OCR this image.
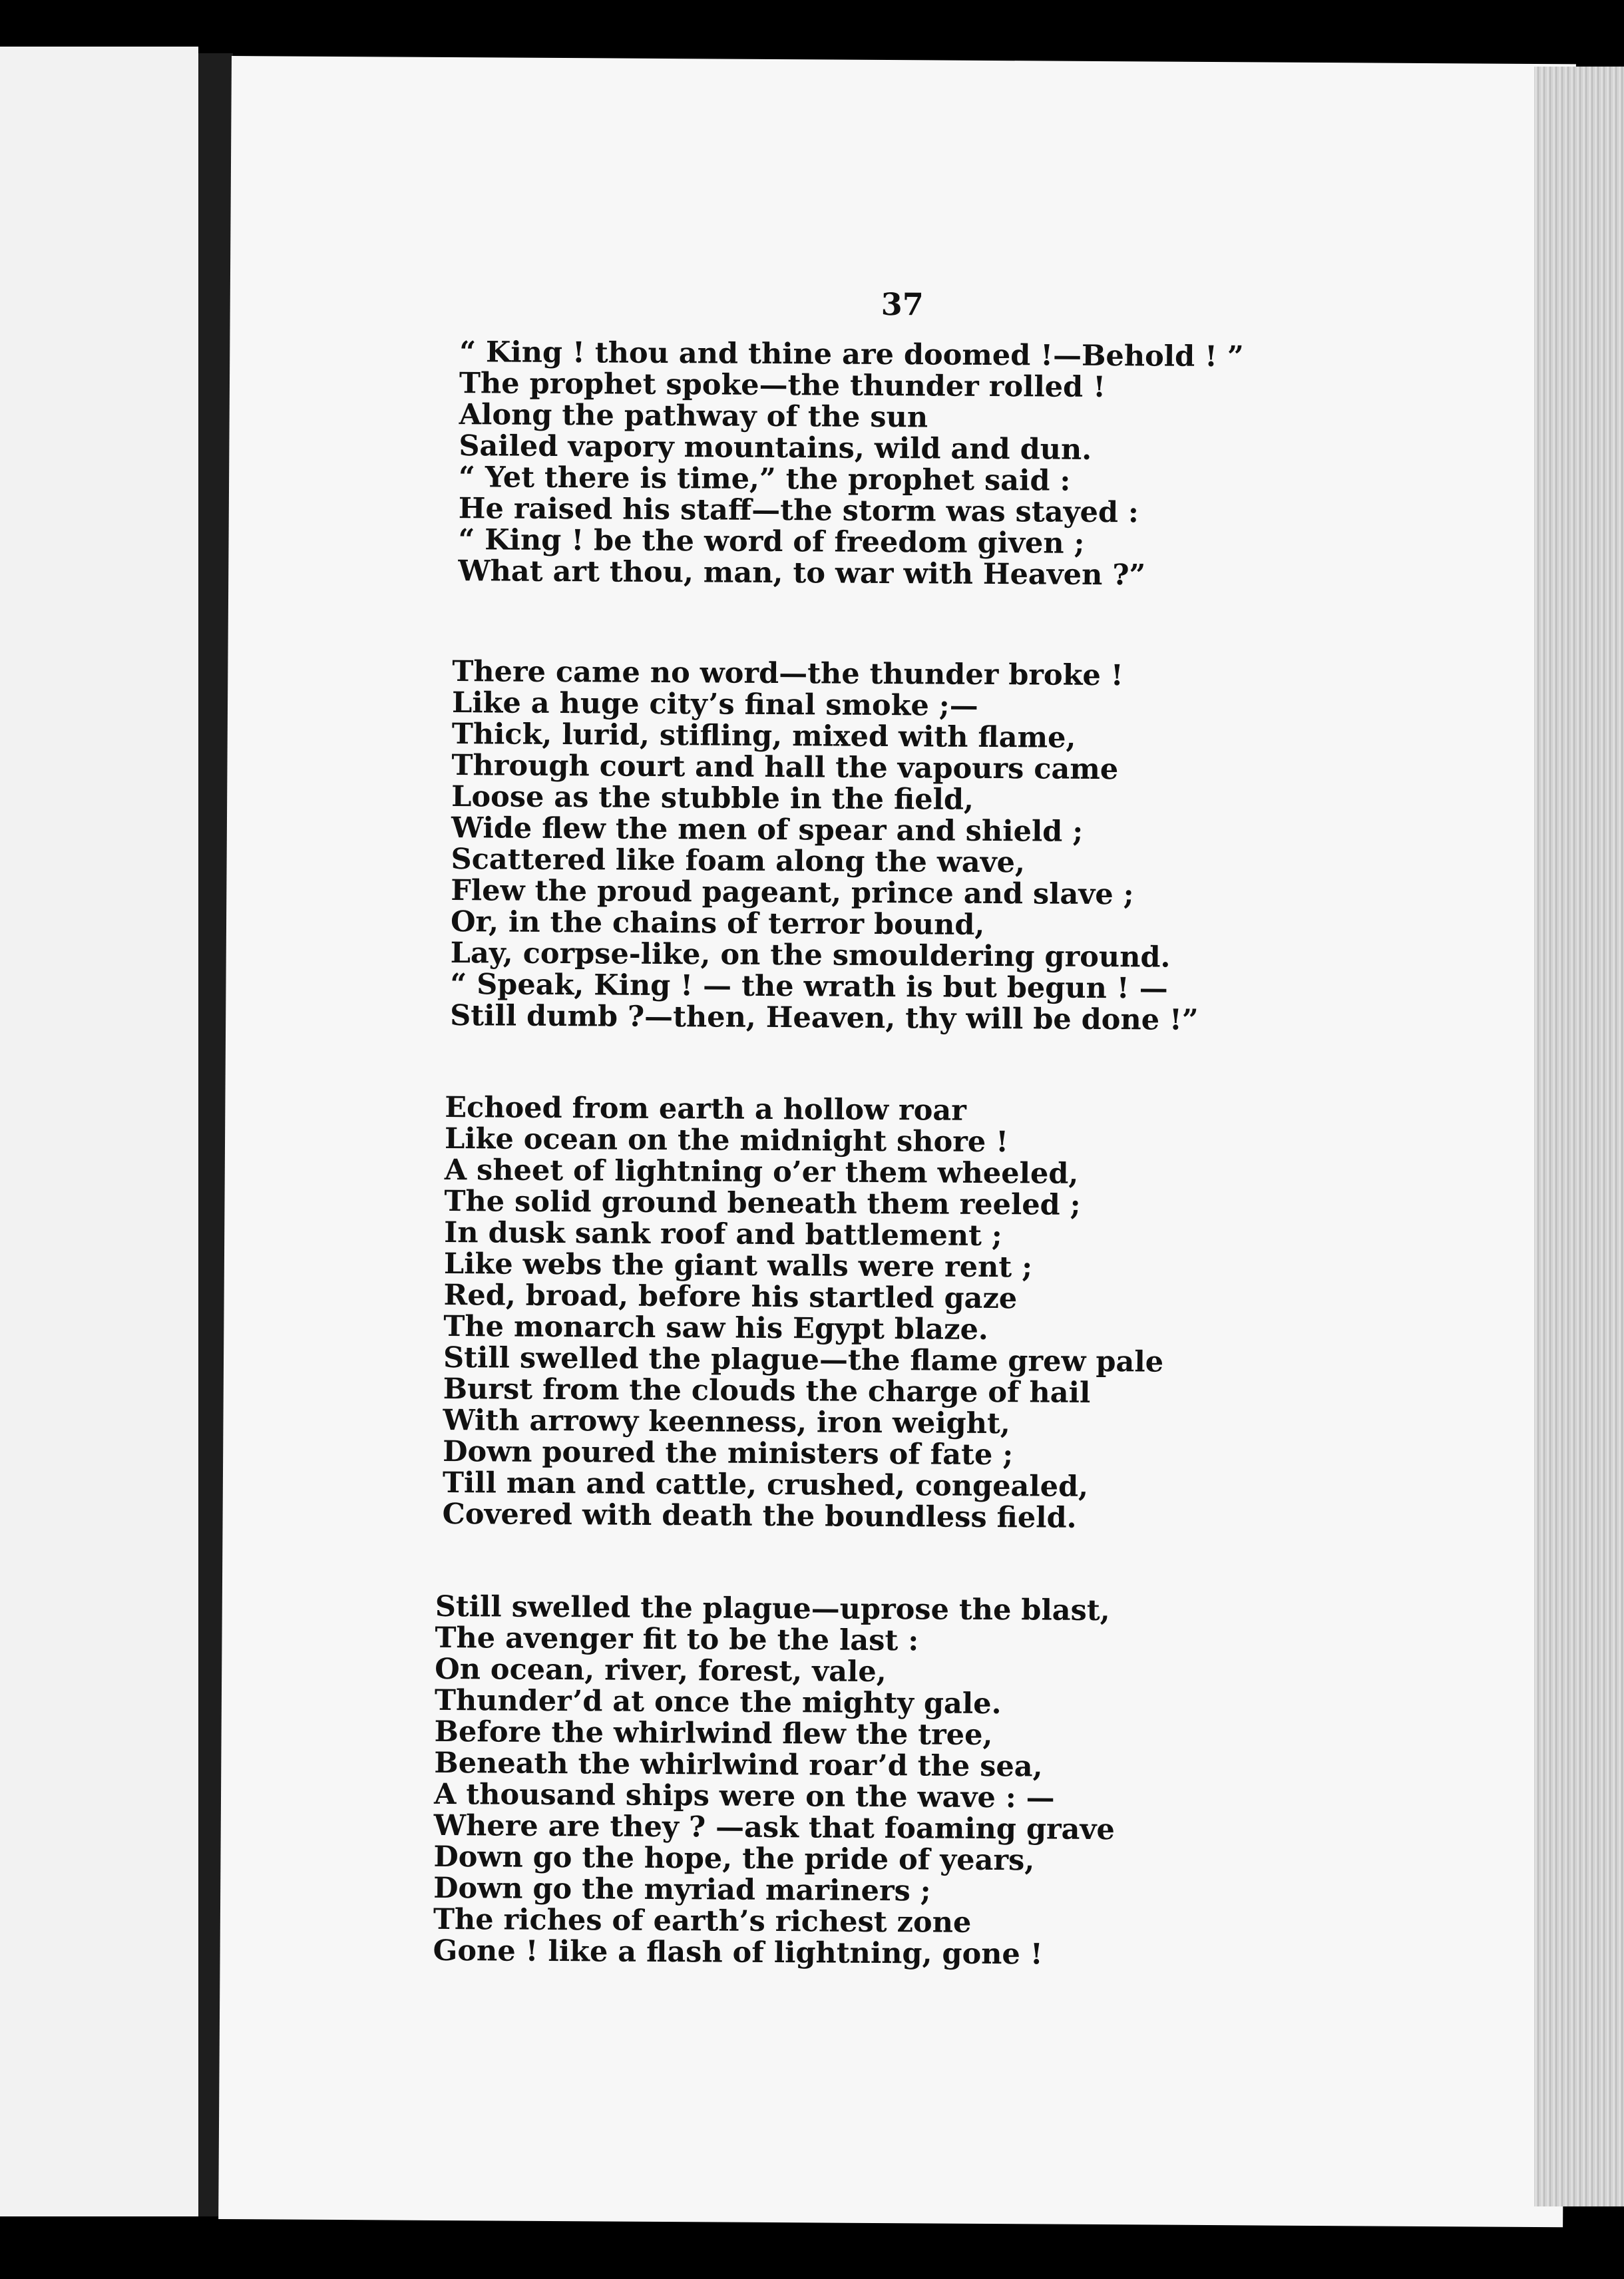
37
“ King ! thou and thine are doomed !—Behold ! ”
The prophet spoke—the thunder rolled !
Along the pathway of the sun
Sailed vapory mountains, wild and dun.
“ Yet there is time,” the prophet said :
He raised his staff—the storm was stayed :
“ King ! be the word of freedom given ;
What art thou, man, to war with Heaven ?”
There came no word—the thunder broke !
Like a huge city’s final smoke ;—
Thick, lurid, stifling, mixed with flame,
Through court and hall the vapours came
Loose as the stubble in the field,
Wide flew the men of spear and shield ;
Scattered like foam along the wave,
Flew the proud pageant, prince and slave ;
Or, in the chains of terror bound,
Lay, corpse-like, on the smouldering ground.
“ Speak, King ! — the wrath is but begun ! —
Still dumb ?—then, Heaven, thy will be done !”
Echoed from earth a hollow roar
Like ocean on the midnight shore !
A sheet of lightning o’er them wheeled,
The solid ground beneath them reeled ;
In dusk sank roof and battlement ;
Like webs the giant walls were rent ;
Red, broad, before his startled gaze
The monarch saw his Egypt blaze.
Still swelled the plague—the flame grew pale
Burst from the clouds the charge of hail
With arrowy keenness, iron weight,
Down poured the ministers of fate ;
Till man and cattle, crushed, congealed,
Covered with death the boundless field.
Still swelled the plague—uprose the blast,
The avenger fit to be the last :
On ocean, river, forest, vale,
Thunder’d at once the mighty gale.
Before the whirlwind flew the tree,
Beneath the whirlwind roar’d the sea,
A thousand ships were on the wave : —
Where are they ? —ask that foaming grave
Down go the hope, the pride of years,
Down go the myriad mariners ;
The riches of earth’s richest zone
Gone ! like a flash of lightning, gone !
